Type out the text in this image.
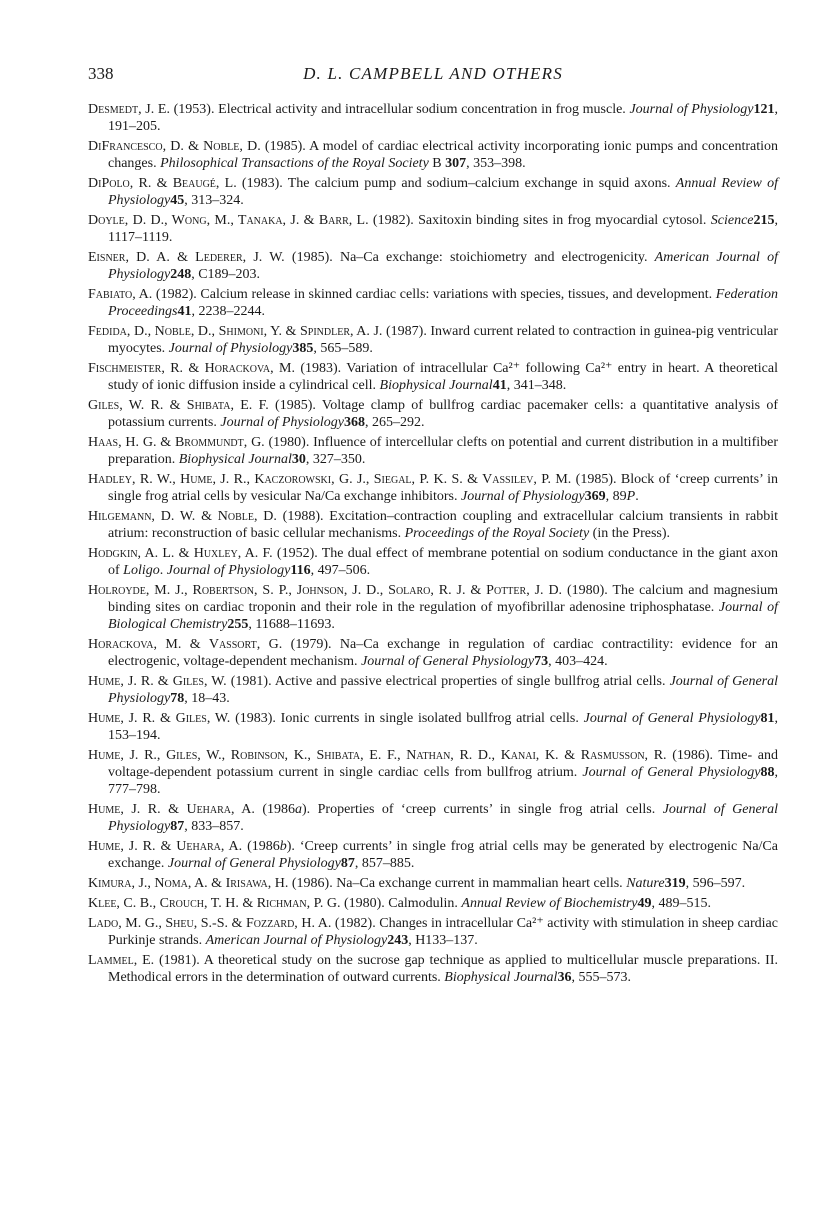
338	D. L. CAMPBELL AND OTHERS

Desmedt, J. E. (1953). Electrical activity and intracellular sodium concentration in frog muscle. Journal of Physiology121, 191–205.

DiFrancesco, D. & Noble, D. (1985). A model of cardiac electrical activity incorporating ionic pumps and concentration changes. Philosophical Transactions of the Royal Society B 307, 353–398.

DiPolo, R. & Beaugé, L. (1983). The calcium pump and sodium–calcium exchange in squid axons. Annual Review of Physiology45, 313–324.

Doyle, D. D., Wong, M., Tanaka, J. & Barr, L. (1982). Saxitoxin binding sites in frog myocardial cytosol. Science215, 1117–1119.

Eisner, D. A. & Lederer, J. W. (1985). Na–Ca exchange: stoichiometry and electrogenicity. American Journal of Physiology248, C189–203.

Fabiato, A. (1982). Calcium release in skinned cardiac cells: variations with species, tissues, and development. Federation Proceedings41, 2238–2244.

Fedida, D., Noble, D., Shimoni, Y. & Spindler, A. J. (1987). Inward current related to contraction in guinea-pig ventricular myocytes. Journal of Physiology385, 565–589.

Fischmeister, R. & Horackova, M. (1983). Variation of intracellular Ca²⁺ following Ca²⁺ entry in heart. A theoretical study of ionic diffusion inside a cylindrical cell. Biophysical Journal41, 341–348.

Giles, W. R. & Shibata, E. F. (1985). Voltage clamp of bullfrog cardiac pacemaker cells: a quantitative analysis of potassium currents. Journal of Physiology368, 265–292.

Haas, H. G. & Brommundt, G. (1980). Influence of intercellular clefts on potential and current distribution in a multifiber preparation. Biophysical Journal30, 327–350.

Hadley, R. W., Hume, J. R., Kaczorowski, G. J., Siegal, P. K. S. & Vassilev, P. M. (1985). Block of ‘creep currents’ in single frog atrial cells by vesicular Na/Ca exchange inhibitors. Journal of Physiology369, 89P.

Hilgemann, D. W. & Noble, D. (1988). Excitation–contraction coupling and extracellular calcium transients in rabbit atrium: reconstruction of basic cellular mechanisms. Proceedings of the Royal Society (in the Press).

Hodgkin, A. L. & Huxley, A. F. (1952). The dual effect of membrane potential on sodium conductance in the giant axon of Loligo. Journal of Physiology116, 497–506.

Holroyde, M. J., Robertson, S. P., Johnson, J. D., Solaro, R. J. & Potter, J. D. (1980). The calcium and magnesium binding sites on cardiac troponin and their role in the regulation of myofibrillar adenosine triphosphatase. Journal of Biological Chemistry255, 11688–11693.

Horackova, M. & Vassort, G. (1979). Na–Ca exchange in regulation of cardiac contractility: evidence for an electrogenic, voltage-dependent mechanism. Journal of General Physiology73, 403–424.

Hume, J. R. & Giles, W. (1981). Active and passive electrical properties of single bullfrog atrial cells. Journal of General Physiology78, 18–43.

Hume, J. R. & Giles, W. (1983). Ionic currents in single isolated bullfrog atrial cells. Journal of General Physiology81, 153–194.

Hume, J. R., Giles, W., Robinson, K., Shibata, E. F., Nathan, R. D., Kanai, K. & Rasmusson, R. (1986). Time- and voltage-dependent potassium current in single cardiac cells from bullfrog atrium. Journal of General Physiology88, 777–798.

Hume, J. R. & Uehara, A. (1986a). Properties of ‘creep currents’ in single frog atrial cells. Journal of General Physiology87, 833–857.

Hume, J. R. & Uehara, A. (1986b). ‘Creep currents’ in single frog atrial cells may be generated by electrogenic Na/Ca exchange. Journal of General Physiology87, 857–885.

Kimura, J., Noma, A. & Irisawa, H. (1986). Na–Ca exchange current in mammalian heart cells. Nature319, 596–597.

Klee, C. B., Crouch, T. H. & Richman, P. G. (1980). Calmodulin. Annual Review of Biochemistry49, 489–515.

Lado, M. G., Sheu, S.-S. & Fozzard, H. A. (1982). Changes in intracellular Ca²⁺ activity with stimulation in sheep cardiac Purkinje strands. American Journal of Physiology243, H133–137.

Lammel, E. (1981). A theoretical study on the sucrose gap technique as applied to multicellular muscle preparations. II. Methodical errors in the determination of outward currents. Biophysical Journal36, 555–573.
